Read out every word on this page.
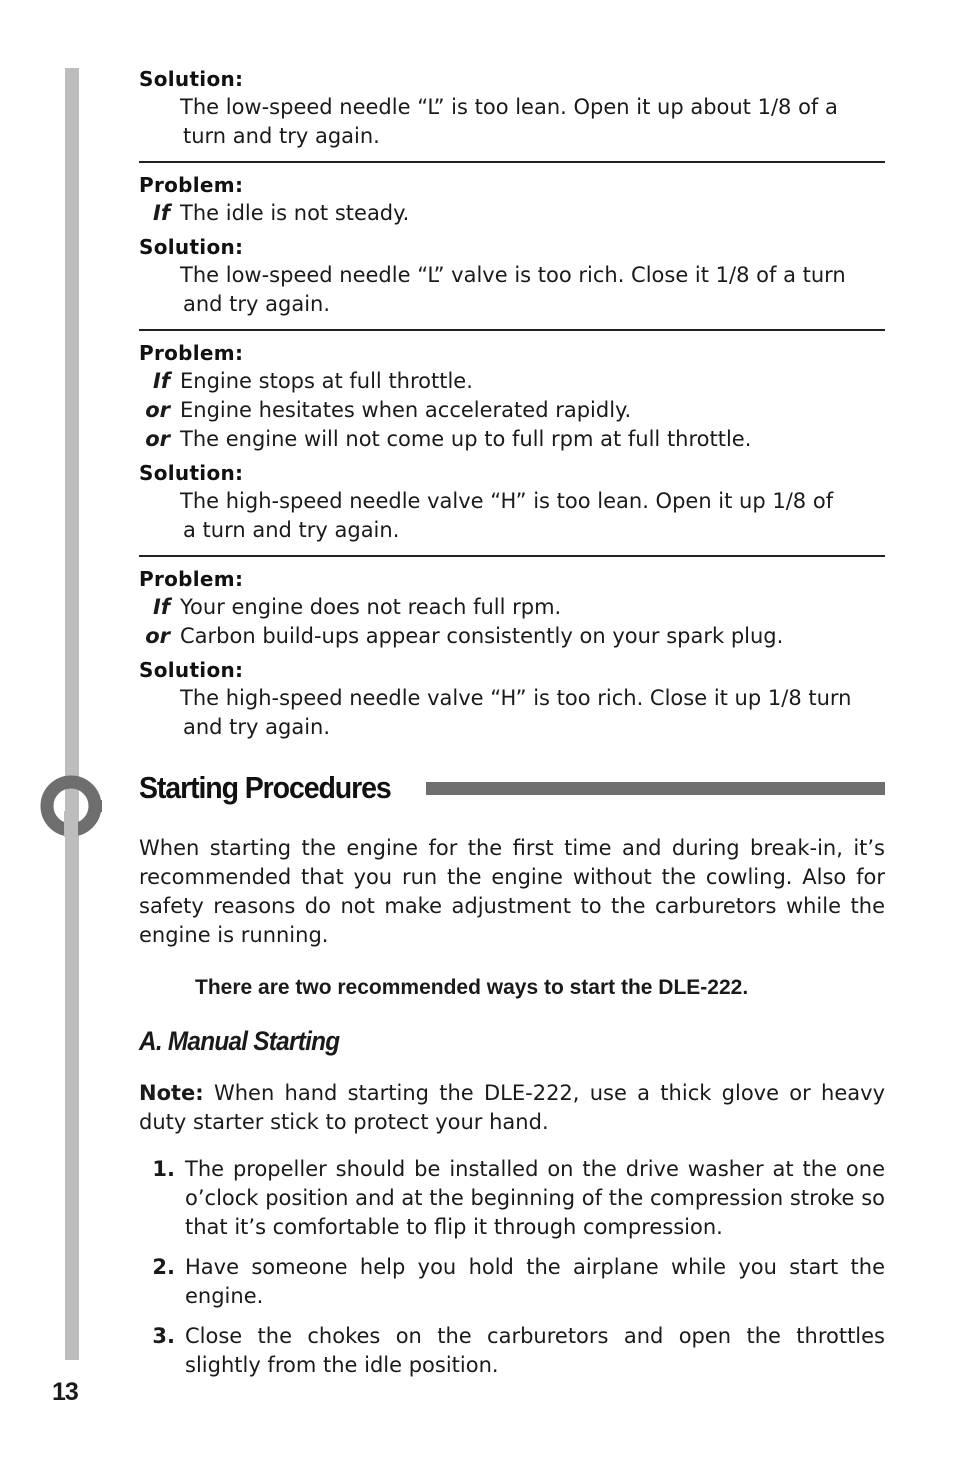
13
Solution:
The low-speed needle “L” is too lean. Open it up about 1/8 of a
turn and try again.
Problem:
If The idle is not steady.
Solution:
The low-speed needle “L” valve is too rich. Close it 1/8 of a turn
and try again.
Problem:
If Engine stops at full throttle.
or Engine hesitates when accelerated rapidly.
or The engine will not come up to full rpm at full throttle.
Solution:
The high-speed needle valve “H” is too lean. Open it up 1/8 of
a turn and try again.
Problem:
If Your engine does not reach full rpm.
or Carbon build-ups appear consistently on your spark plug.
Solution:
The high-speed needle valve “H” is too rich. Close it up 1/8 turn
and try again.
Starting Procedures
When starting the engine for the first time and during break-in, it’s recommended that you run the engine without the cowling. Also for safety reasons do not make adjustment to the carburetors while the engine is running.
There are two recommended ways to start the DLE-222.
A. Manual Starting
Note: When hand starting the DLE-222, use a thick glove or heavy duty starter stick to protect your hand.
1. The propeller should be installed on the drive washer at the one o’clock position and at the beginning of the compression stroke so that it’s comfortable to flip it through compression.
2. Have someone help you hold the airplane while you start the engine.
3. Close the chokes on the carburetors and open the throttles slightly from the idle position.
